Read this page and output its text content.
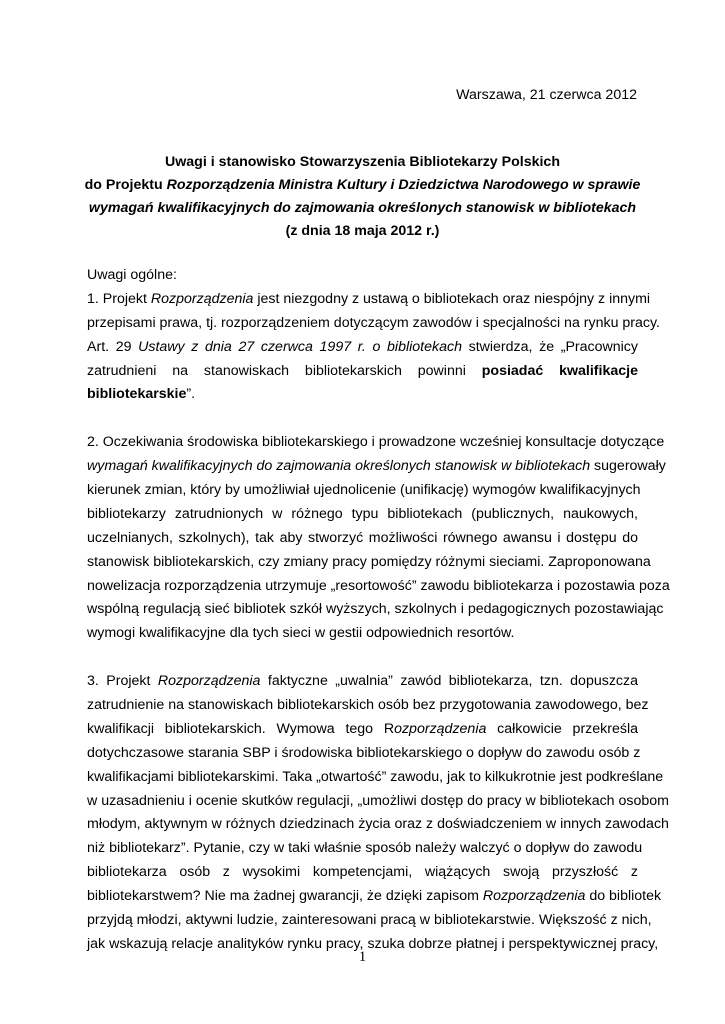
Warszawa, 21 czerwca 2012
Uwagi i stanowisko Stowarzyszenia Bibliotekarzy Polskich
do Projektu Rozporządzenia Ministra Kultury i Dziedzictwa Narodowego w sprawie
wymagań kwalifikacyjnych do zajmowania określonych stanowisk w bibliotekach
(z dnia 18 maja 2012 r.)
Uwagi ogólne:

1. Projekt Rozporządzenia jest niezgodny z ustawą o bibliotekach oraz niespójny z innymi
przepisami prawa, tj. rozporządzeniem dotyczącym zawodów i specjalności na rynku pracy.
Art. 29 Ustawy z dnia 27 czerwca 1997 r. o bibliotekach stwierdza, że „Pracownicy
zatrudnieni na stanowiskach bibliotekarskich powinni posiadać kwalifikacje
bibliotekarskie”.

2. Oczekiwania środowiska bibliotekarskiego i prowadzone wcześniej konsultacje dotyczące
wymagań kwalifikacyjnych do zajmowania określonych stanowisk w bibliotekach sugerowały
kierunek zmian, który by umożliwiał ujednolicenie (unifikację) wymogów kwalifikacyjnych
bibliotekarzy zatrudnionych w różnego typu bibliotekach (publicznych, naukowych,
uczelnianych, szkolnych), tak aby stworzyć możliwości równego awansu i dostępu do
stanowisk bibliotekarskich, czy zmiany pracy pomiędzy różnymi sieciami. Zaproponowana
nowelizacja rozporządzenia utrzymuje „resortowość” zawodu bibliotekarza i pozostawia poza
wspólną regulacją sieć bibliotek szkół wyższych, szkolnych i pedagogicznych pozostawiając
wymogi kwalifikacyjne dla tych sieci w gestii odpowiednich resortów.

3. Projekt Rozporządzenia faktyczne „uwalnia” zawód bibliotekarza, tzn. dopuszcza
zatrudnienie na stanowiskach bibliotekarskich osób bez przygotowania zawodowego, bez
kwalifikacji bibliotekarskich. Wymowa tego Rozporządzenia całkowicie przekreśla
dotychczasowe starania SBP i środowiska bibliotekarskiego o dopływ do zawodu osób z
kwalifikacjami bibliotekarskimi. Taka „otwartość” zawodu, jak to kilkukrotnie jest podkreślane
w uzasadnieniu i ocenie skutków regulacji, „umożliwi dostęp do pracy w bibliotekach osobom
młodym, aktywnym w różnych dziedzinach życia oraz z doświadczeniem w innych zawodach
niż bibliotekarz”. Pytanie, czy w taki właśnie sposób należy walczyć o dopływ do zawodu
bibliotekarza osób z wysokimi kompetencjami, wiążących swoją przyszłość z
bibliotekarstwem? Nie ma żadnej gwarancji, że dzięki zapisom Rozporządzenia do bibliotek
przyjdą młodzi, aktywni ludzie, zainteresowani pracą w bibliotekarstwie. Większość z nich,
jak wskazują relacje analityków rynku pracy, szuka dobrze płatnej i perspektywicznej pracy,

1
